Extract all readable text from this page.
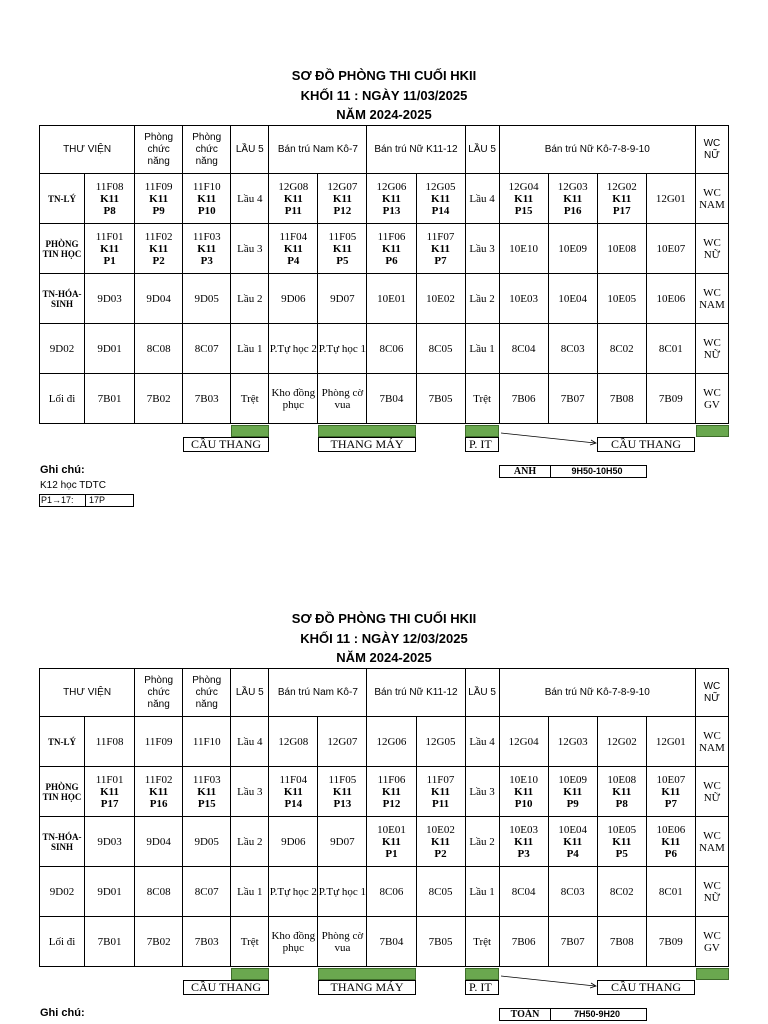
SƠ ĐỒ PHÒNG THI CUỐI HKII
KHỐI 11 : NGÀY 11/03/2025
NĂM 2024-2025
THƯ VIỆN		Phòng chức năng	Phòng chức năng	LẦU 5	Bán trú Nam Kô-7		Bán trú Nữ K11-12		LẦU 5	Bán trú Nữ Kô-7-8-9-10				WC NỮ
TN-LÝ	11F08
K11
P8	11F09
K11
P9	11F10
K11
P10	Lầu 4	12G08
K11
P11	12G07
K11
P12	12G06
K11
P13	12G05
K11
P14	Lầu 4	12G04
K11
P15	12G03
K11
P16	12G02
K11
P17	12G01	WC NAM
PHÒNG TIN HỌC	11F01
K11
P1	11F02
K11
P2	11F03
K11
P3	Lầu 3	11F04
K11
P4	11F05
K11
P5	11F06
K11
P6	11F07
K11
P7	Lầu 3	10E10	10E09	10E08	10E07	WC NỮ
TN-HÓA-SINH	9D03	9D04	9D05	Lầu 2	9D06	9D07	10E01	10E02	Lầu 2	10E03	10E04	10E05	10E06	WC NAM
9D02	9D01	8C08	8C07	Lầu 1	P.Tự học 2	P.Tự học 1	8C06	8C05	Lầu 1	8C04	8C03	8C02	8C01	WC NỮ
Lối đi	7B01	7B02	7B03	Trệt	Kho đồng phục	Phòng cờ vua	7B04	7B05	Trệt	7B06	7B07	7B08	7B09	WC GV
CẦU THANG	THANG MÁY	P. IT	CẦU THANG
Ghi chú:
K12 học TDTC
P1→17: 17P
ANH	9H50-10H50
SƠ ĐỒ PHÒNG THI CUỐI HKII
KHỐI 11 : NGÀY 12/03/2025
NĂM 2024-2025
THƯ VIỆN		Phòng chức năng	Phòng chức năng	LẦU 5	Bán trú Nam Kô-7		Bán trú Nữ K11-12		LẦU 5	Bán trú Nữ Kô-7-8-9-10				WC NỮ
TN-LÝ	11F08	11F09	11F10	Lầu 4	12G08	12G07	12G06	12G05	Lầu 4	12G04	12G03	12G02	12G01	WC NAM
PHÒNG TIN HỌC	11F01
K11
P17	11F02
K11
P16	11F03
K11
P15	Lầu 3	11F04
K11
P14	11F05
K11
P13	11F06
K11
P12	11F07
K11
P11	Lầu 3	10E10
K11
P10	10E09
K11
P9	10E08
K11
P8	10E07
K11
P7	WC NỮ
TN-HÓA-SINH	9D03	9D04	9D05	Lầu 2	9D06	9D07	10E01
K11
P1	10E02
K11
P2	Lầu 2	10E03
K11
P3	10E04
K11
P4	10E05
K11
P5	10E06
K11
P6	WC NAM
9D02	9D01	8C08	8C07	Lầu 1	P.Tự học 2	P.Tự học 1	8C06	8C05	Lầu 1	8C04	8C03	8C02	8C01	WC NỮ
Lối đi	7B01	7B02	7B03	Trệt	Kho đồng phục	Phòng cờ vua	7B04	7B05	Trệt	7B06	7B07	7B08	7B09	WC GV
CẦU THANG	THANG MÁY	P. IT	CẦU THANG
Ghi chú:	TOÁN	7H50-9H20
